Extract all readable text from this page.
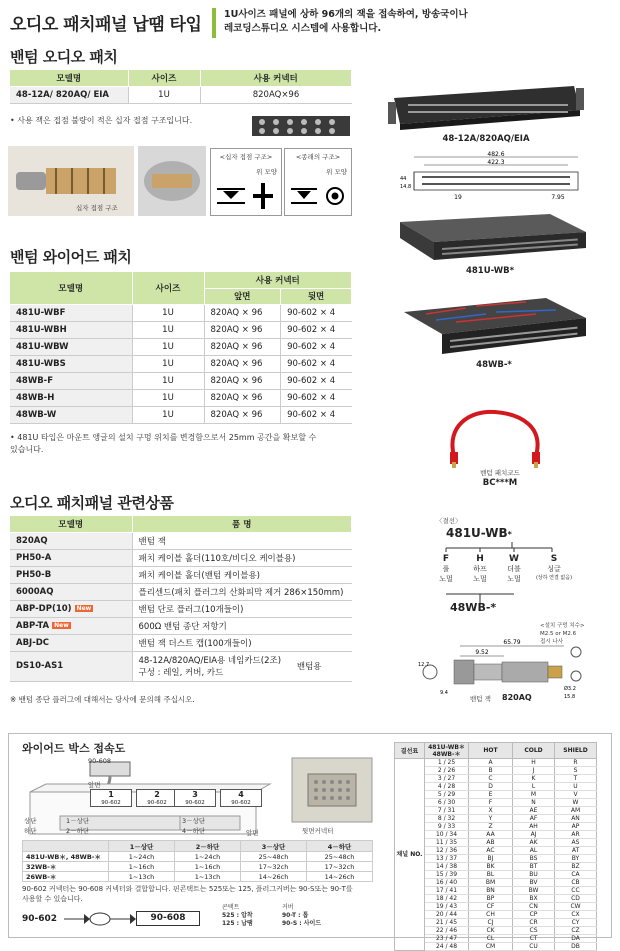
오디오 패치패널 납땜 타입
1U사이즈 패널에 상하 96개의 잭을 접속하여, 방송국이나
레코딩스튜디오 시스템에 사용합니다.
밴텀 오디오 패치
모델명	사이즈	사용 커넥터
48-12A/ 820AQ/ EIA	1U	820AQ×96
• 사용 잭은 접점 불량이 적은 십자 접점 구조입니다.
십자 접점 구조
<십자 접점 구조>
위 모양
<종래의 구조>
위 모양
48-12A/820AQ/EIA
482.6
422.3
19	7.95
44
14.8
밴텀 와이어드 패치
모델명	사이즈	사용 커넥터	
		앞면	뒷면
481U-WBF	1U	820AQ × 96	90-602 × 4
481U-WBH	1U	820AQ × 96	90-602 × 4
481U-WBW	1U	820AQ × 96	90-602 × 4
481U-WBS	1U	820AQ × 96	90-602 × 4
48WB-F	1U	820AQ × 96	90-602 × 4
48WB-H	1U	820AQ × 96	90-602 × 4
48WB-W	1U	820AQ × 96	90-602 × 4
• 481U 타입은 마운트 앵글의 설치 구멍 위치를 변경함으로서 25mm 공간을 확보할 수
있습니다.
481U-WB*
48WB-*
밴텀 패치코드
BC***M
오디오 패치패널 관련상품
모델명	품 명
820AQ	밴텀 잭
PH50-A	패치 케이블 홀더(110호/비디오 케이블용)
PH50-B	패치 케이블 홀더(밴텀 케이블용)
6000AQ	플리센드(패치 플러그의 산화피막 제거 286×150mm)
ABP-DP(10) New	밴텀 단로 플러그(10개들이)
ABP-TA New	600Ω 밴텀 종단 저항기
ABJ-DC	밴텀 잭 더스트 캡(100개들이)
DS10-AS1	48-12A/820AQ/EIA용 네임카드(2조)
구성 : 레일, 커버, 카드
밴텀용
※ 밴텀 종단 플러그에 대해서는 당사에 문의해 주십시오.
〈결선〉
481U-WB*
F
풀
노멀
H
하프
노멀
W
더블
노멀
S
싱글
(상하 연결 없음)
48WB-*
65.79
9.52
12.7
9.4
Ø3.2
15.8
<설치 구멍 치수>
M2.5 or M2.6
접시 나사
밴텀 잭 820AQ
와이어드 박스 접속도
90-608
앞면
앞면	뒷면커넥터
상단
하단
1
90-602
2
90-602
3
90-602
4
90-602
1－상단
2－하단
3－상단
4－하단
	1－상단	2－하단	3－상단	4－하단
481U-WB＊, 48WB-＊	1~24ch	1~24ch	25~48ch	25~48ch
32WB-＊	1~16ch	1~16ch	17~32ch	17~32ch
26WB-＊	1~13ch	1~13ch	14~26ch	14~26ch
90-602 커넥터는 90-608 커넥터와 결합합니다. 핀콘택트는 525또는 125, 플러그커버는 90-S또는 90-T를
사용할 수 있습니다.
90-602	90-608
콘택트
525 : 압착
125 : 납땜
커버
90-T : 톱
90-S : 사이드
결선표	481U-WB＊ 48WB-＊	HOT	COLD	SHIELD
채널 NO.	1 / 25	A	H	R
	2 / 26	B	J	S
	3 / 27	C	K	T
	4 / 28	D	L	U
	5 / 29	E	M	V
	6 / 30	F	N	W
	7 / 31	X	AE	AM
	8 / 32	Y	AF	AN
	9 / 33	Z	AH	AP
	10 / 34	AA	AJ	AR
	11 / 35	AB	AK	AS
	12 / 36	AC	AL	AT
	13 / 37	BJ	BS	BY
	14 / 38	BK	BT	BZ
	15 / 39	BL	BU	CA
	16 / 40	BM	BV	CB
	17 / 41	BN	BW	CC
	18 / 42	BP	BX	CD
	19 / 43	CF	CN	CW
	20 / 44	CH	CP	CX
	21 / 45	CJ	CR	CY
	22 / 46	CK	CS	CZ
	23 / 47	CL	CT	DA
	24 / 48	CM	CU	DB
